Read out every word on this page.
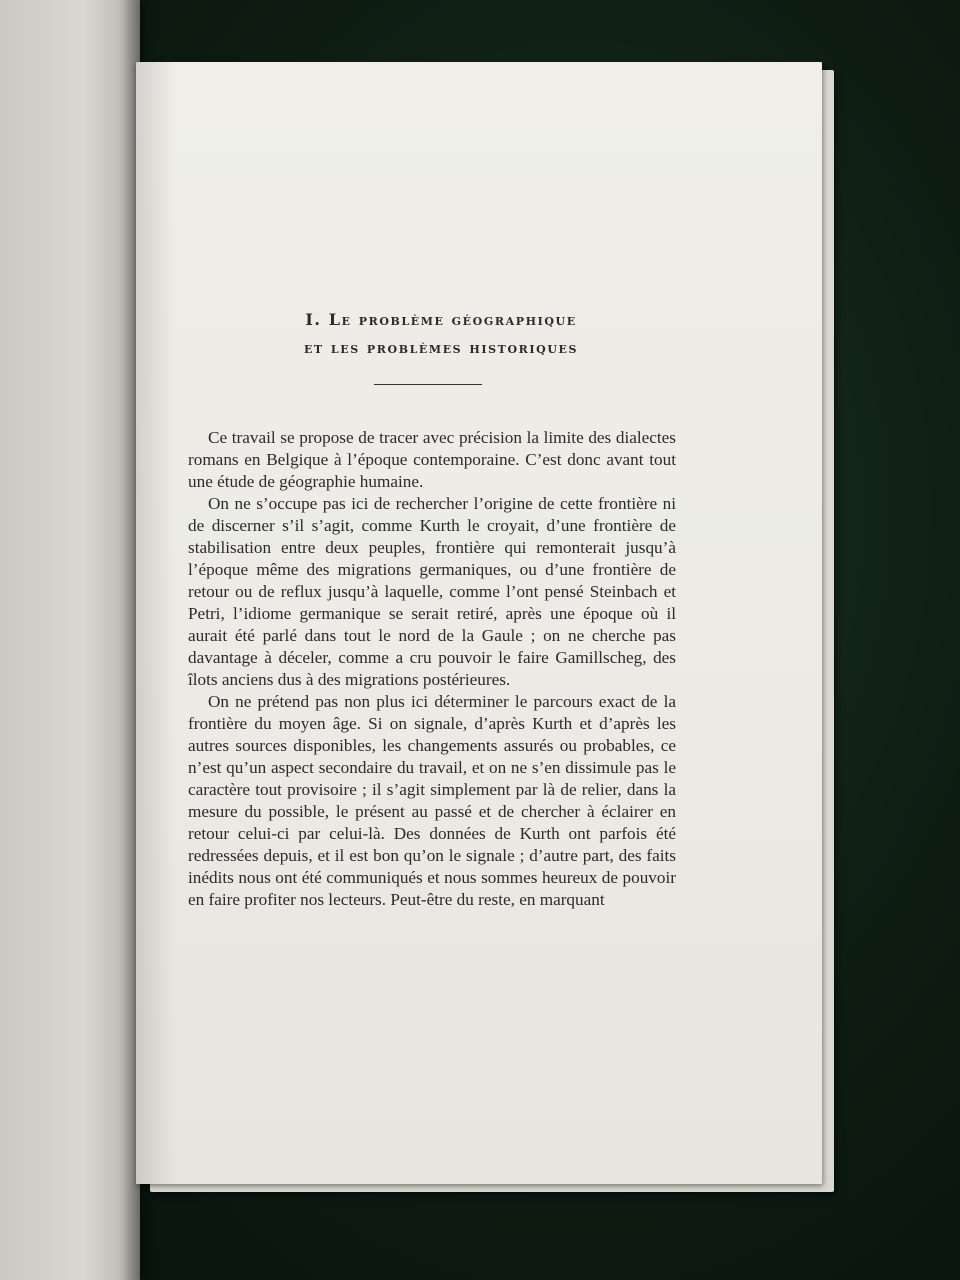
I. Le problème géographique
et les problèmes historiques

Ce travail se propose de tracer avec précision la limite des dialectes romans en Belgique à l’époque contemporaine. C’est donc avant tout une étude de géographie humaine.

On ne s’occupe pas ici de rechercher l’origine de cette frontière ni de discerner s’il s’agit, comme Kurth le croyait, d’une frontière de stabilisation entre deux peuples, frontière qui remonterait jusqu’à l’époque même des migrations germaniques, ou d’une frontière de retour ou de reflux jusqu’à laquelle, comme l’ont pensé Steinbach et Petri, l’idiome germanique se serait retiré, après une époque où il aurait été parlé dans tout le nord de la Gaule ; on ne cherche pas davantage à déceler, comme a cru pouvoir le faire Gamillscheg, des îlots anciens dus à des migrations postérieures.

On ne prétend pas non plus ici déterminer le parcours exact de la frontière du moyen âge. Si on signale, d’après Kurth et d’après les autres sources disponibles, les changements assurés ou probables, ce n’est qu’un aspect secondaire du travail, et on ne s’en dissimule pas le caractère tout provisoire ; il s’agit simplement par là de relier, dans la mesure du possible, le présent au passé et de chercher à éclairer en retour celui-ci par celui-là. Des données de Kurth ont parfois été redressées depuis, et il est bon qu’on le signale ; d’autre part, des faits inédits nous ont été communiqués et nous sommes heureux de pouvoir en faire profiter nos lecteurs. Peut-être du reste, en marquant
